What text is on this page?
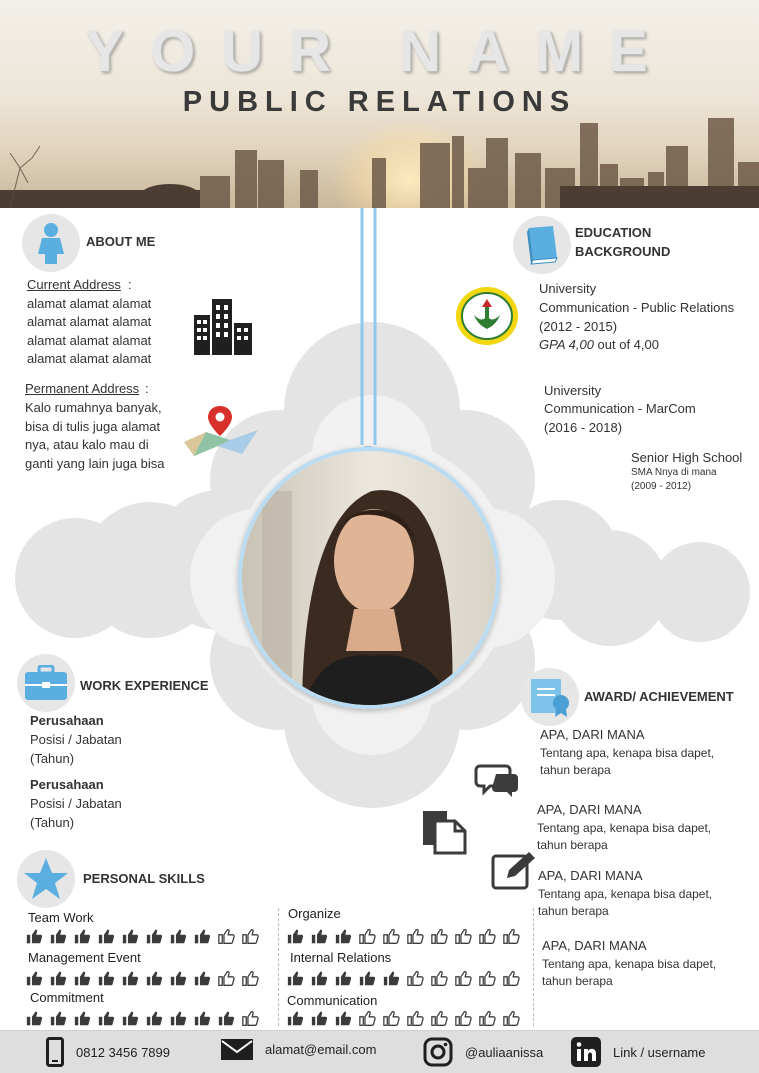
YOUR NAME
PUBLIC RELATIONS
ABOUT ME
Current Address :
alamat alamat alamat
alamat alamat alamat
alamat alamat alamat
alamat alamat alamat
Permanent Address :
Kalo rumahnya banyak,
bisa di tulis juga alamat
nya, atau kalo mau di
ganti yang lain juga bisa
EDUCATION
BACKGROUND
University
Communication - Public Relations
(2012 - 2015)
GPA 4,00 out of 4,00
University
Communication - MarCom
(2016 - 2018)
Senior High School
SMA Nnya di mana
(2009 - 2012)
WORK EXPERIENCE
Perusahaan
Posisi / Jabatan
(Tahun)
Perusahaan
Posisi / Jabatan
(Tahun)
AWARD/ ACHIEVEMENT
APA, DARI MANA
Tentang apa, kenapa bisa dapet,
tahun berapa
APA, DARI MANA
Tentang apa, kenapa bisa dapet,
tahun berapa
APA, DARI MANA
Tentang apa, kenapa bisa dapet,
tahun berapa
APA, DARI MANA
Tentang apa, kenapa bisa dapet,
tahun berapa
PERSONAL SKILLS
Team Work
Management Event
Commitment
Organize
Internal Relations
Communication
0812 3456 7899	alamat@email.com	@auliaanissa	Link / username
